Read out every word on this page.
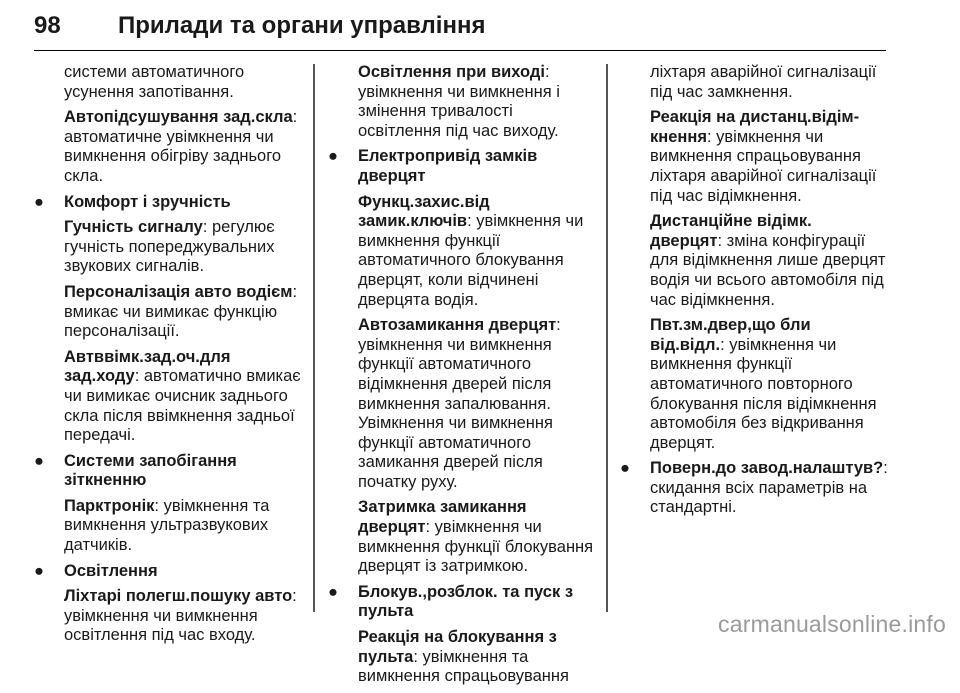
98 Прилади та органи управління

системи автоматичного усунення запотівання.

Автопідсушування зад.скла: автоматичне увімкнення чи вимкнення обігріву заднього скла.

● Комфорт і зручність

Гучність сигналу: регулює гучність попереджувальних звукових сигналів.

Персоналізація авто водієм: вмикає чи вимикає функцію персоналізації.

Автввімк.зад.оч.для зад.ходу: автоматично вмикає чи вимикає очисник заднього скла після ввімкнення задньої передачі.

● Системи запобігання зіткненню

Парктронік: увімкнення та вимкнення ультразвукових датчиків.

● Освітлення

Ліхтарі полегш.пошуку авто: увімкнення чи вимкнення освітлення під час входу.

Освітлення при виході: увімкнення чи вимкнення і змінення тривалості освітлення під час виходу.

● Електропривід замків дверцят

Функц.захис.від замик.ключів: увімкнення чи вимкнення функції автоматичного блокування дверцят, коли відчинені дверцята водія.

Автозамикання дверцят: увімкнення чи вимкнення функції автоматичного відімкнення дверей після вимкнення запалювання. Увімкнення чи вимкнення функції автоматичного замикання дверей після початку руху.

Затримка замикання дверцят: увімкнення чи вимкнення функції блокування дверцят із затримкою.

● Блокув.,розблок. та пуск з пульта

Реакція на блокування з пульта: увімкнення та вимкнення спрацьовування

ліхтаря аварійної сигналізації під час замкнення.

Реакція на дистанц.відім-кнення: увімкнення чи вимкнення спрацьовування ліхтаря аварійної сигналізації під час відімкнення.

Дистанційне відімк. дверцят: зміна конфігурації для відімкнення лише дверцят водія чи всього автомобіля під час відімкнення.

Пвт.зм.двер,що бли від.відл.: увімкнення чи вимкнення функції автоматичного повторного блокування після відімкнення автомобіля без відкривання дверцят.

● Поверн.до завод.налаштув?: скидання всіх параметрів на стандартні.

carmanualsonline.info
